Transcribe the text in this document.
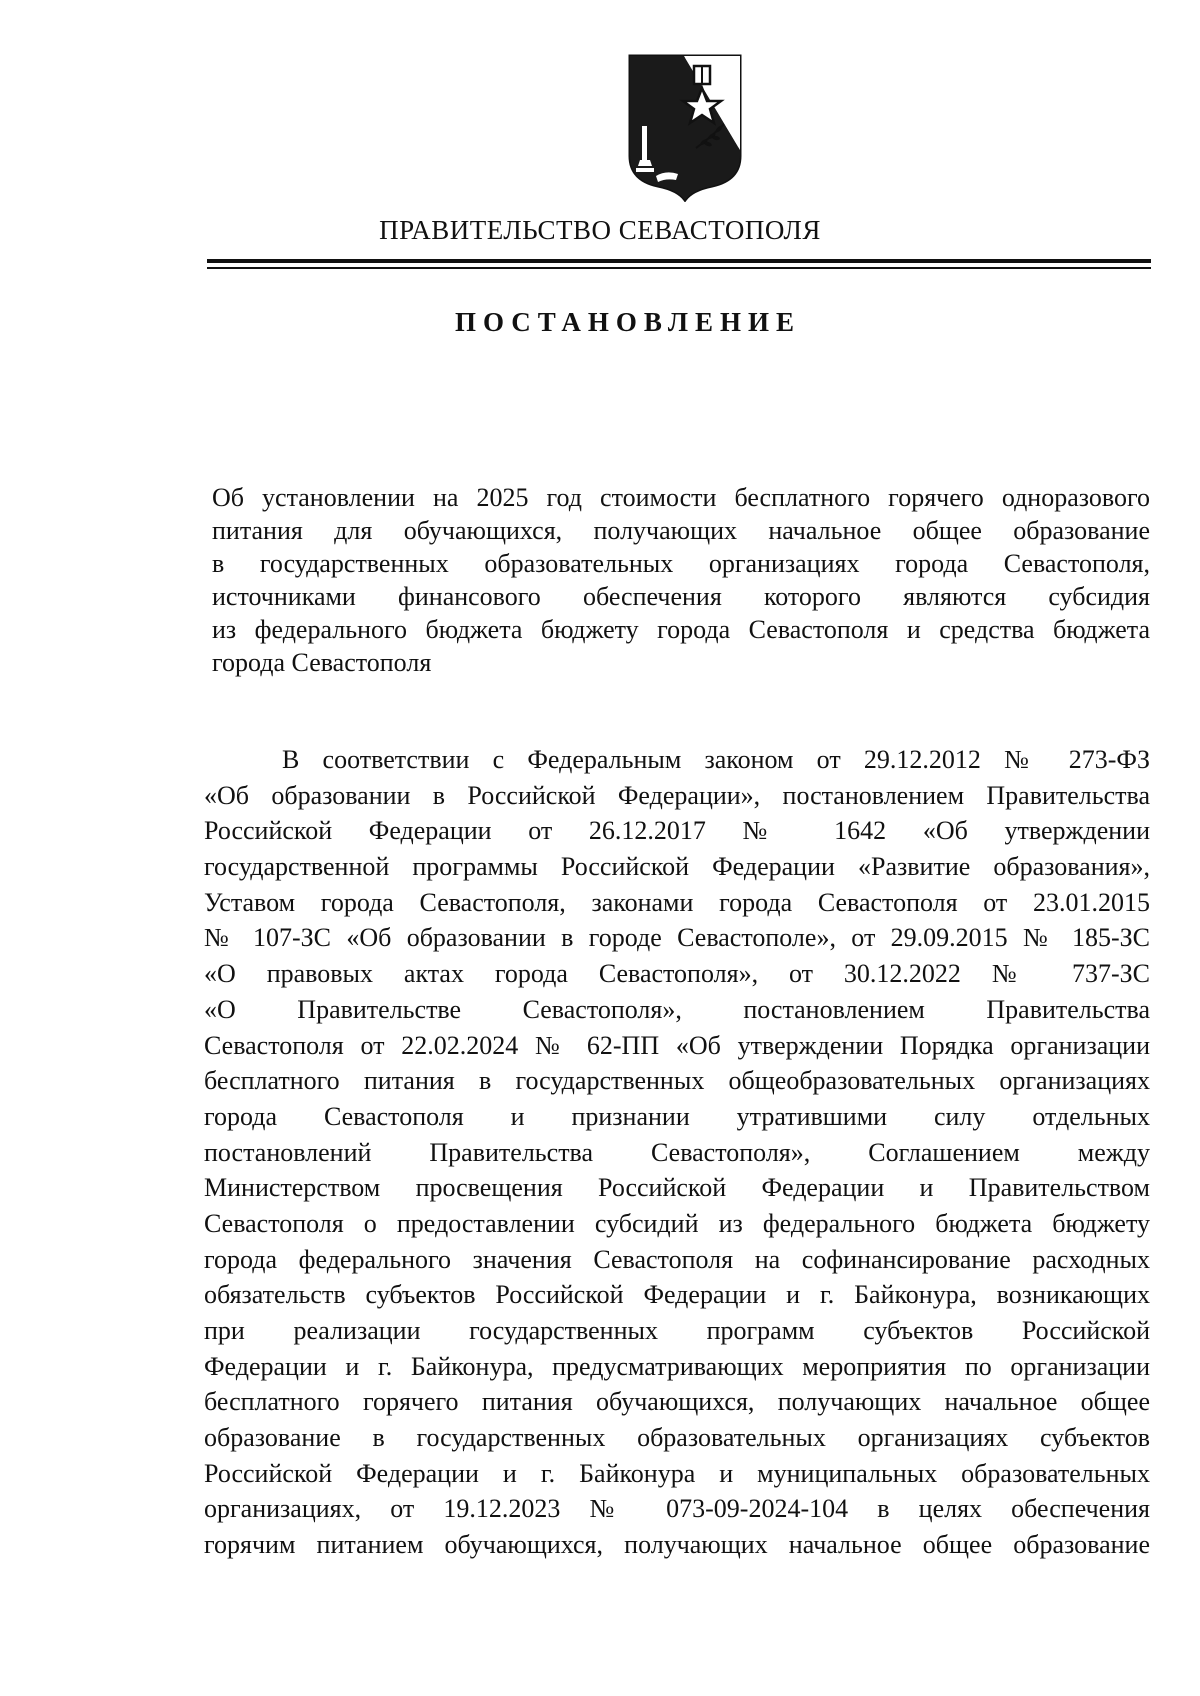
ПРАВИТЕЛЬСТВО СЕВАСТОПОЛЯ
ПОСТАНОВЛЕНИЕ
Об установлении на 2025 год стоимости бесплатного горячего одноразового
питания для обучающихся, получающих начальное общее образование
в государственных образовательных организациях города Севастополя,
источниками финансового обеспечения которого являются субсидия
из федерального бюджета бюджету города Севастополя и средства бюджета
города Севастополя
В соответствии с Федеральным законом от 29.12.2012 № 273-ФЗ
«Об образовании в Российской Федерации», постановлением Правительства
Российской Федерации от 26.12.2017 № 1642 «Об утверждении
государственной программы Российской Федерации «Развитие образования»,
Уставом города Севастополя, законами города Севастополя от 23.01.2015
№ 107-ЗС «Об образовании в городе Севастополе», от 29.09.2015 № 185-ЗС
«О правовых актах города Севастополя», от 30.12.2022 № 737-ЗС
«О Правительстве Севастополя», постановлением Правительства
Севастополя от 22.02.2024 № 62-ПП «Об утверждении Порядка организации
бесплатного питания в государственных общеобразовательных организациях
города Севастополя и признании утратившими силу отдельных
постановлений Правительства Севастополя», Соглашением между
Министерством просвещения Российской Федерации и Правительством
Севастополя о предоставлении субсидий из федерального бюджета бюджету
города федерального значения Севастополя на софинансирование расходных
обязательств субъектов Российской Федерации и г. Байконура, возникающих
при реализации государственных программ субъектов Российской
Федерации и г. Байконура, предусматривающих мероприятия по организации
бесплатного горячего питания обучающихся, получающих начальное общее
образование в государственных образовательных организациях субъектов
Российской Федерации и г. Байконура и муниципальных образовательных
организациях, от 19.12.2023 № 073-09-2024-104 в целях обеспечения
горячим питанием обучающихся, получающих начальное общее образование
